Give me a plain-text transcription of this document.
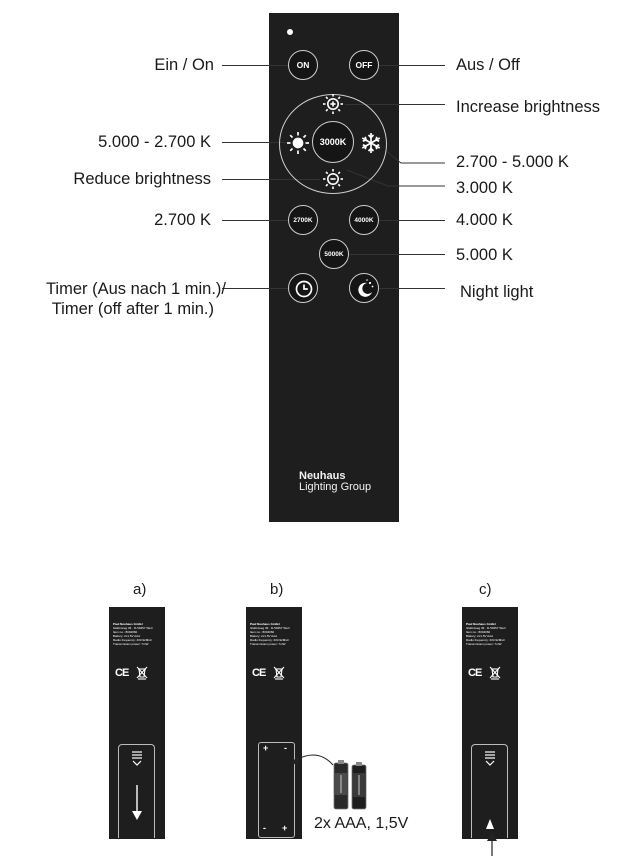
Ein / On
5.000 - 2.700 K
Reduce brightness
2.700 K
Timer (Aus nach 1 min.)/
Timer (off after 1 min.)
Aus / Off
Increase brightness
2.700 - 5.000 K
3.000 K
4.000 K
5.000 K
Night light
ON	OFF
3000K
2700K	4000K
5000K
Neuhaus
Lighting Group
a)	b)	c)
Paul Neuhaus GmbH
Glabinweg 36 · D-59457 Werl
Item no.: 8004060
Battery: 2x1,5V AAA
Radio frequency: 433.92MHz
Transmission power: 7mW
CE
Paul Neuhaus GmbH
Glabinweg 36 · D-59457 Werl
Item no.: 8004060
Battery: 2x1,5V AAA
Radio frequency: 433.92MHz
Transmission power: 7mW
CE
+ -
- + 2x AAA, 1,5V
Paul Neuhaus GmbH
Glabinweg 36 · D-59457 Werl
Item no.: 8004060
Battery: 2x1,5V AAA
Radio frequency: 433.92MHz
Transmission power: 7mW
CE
